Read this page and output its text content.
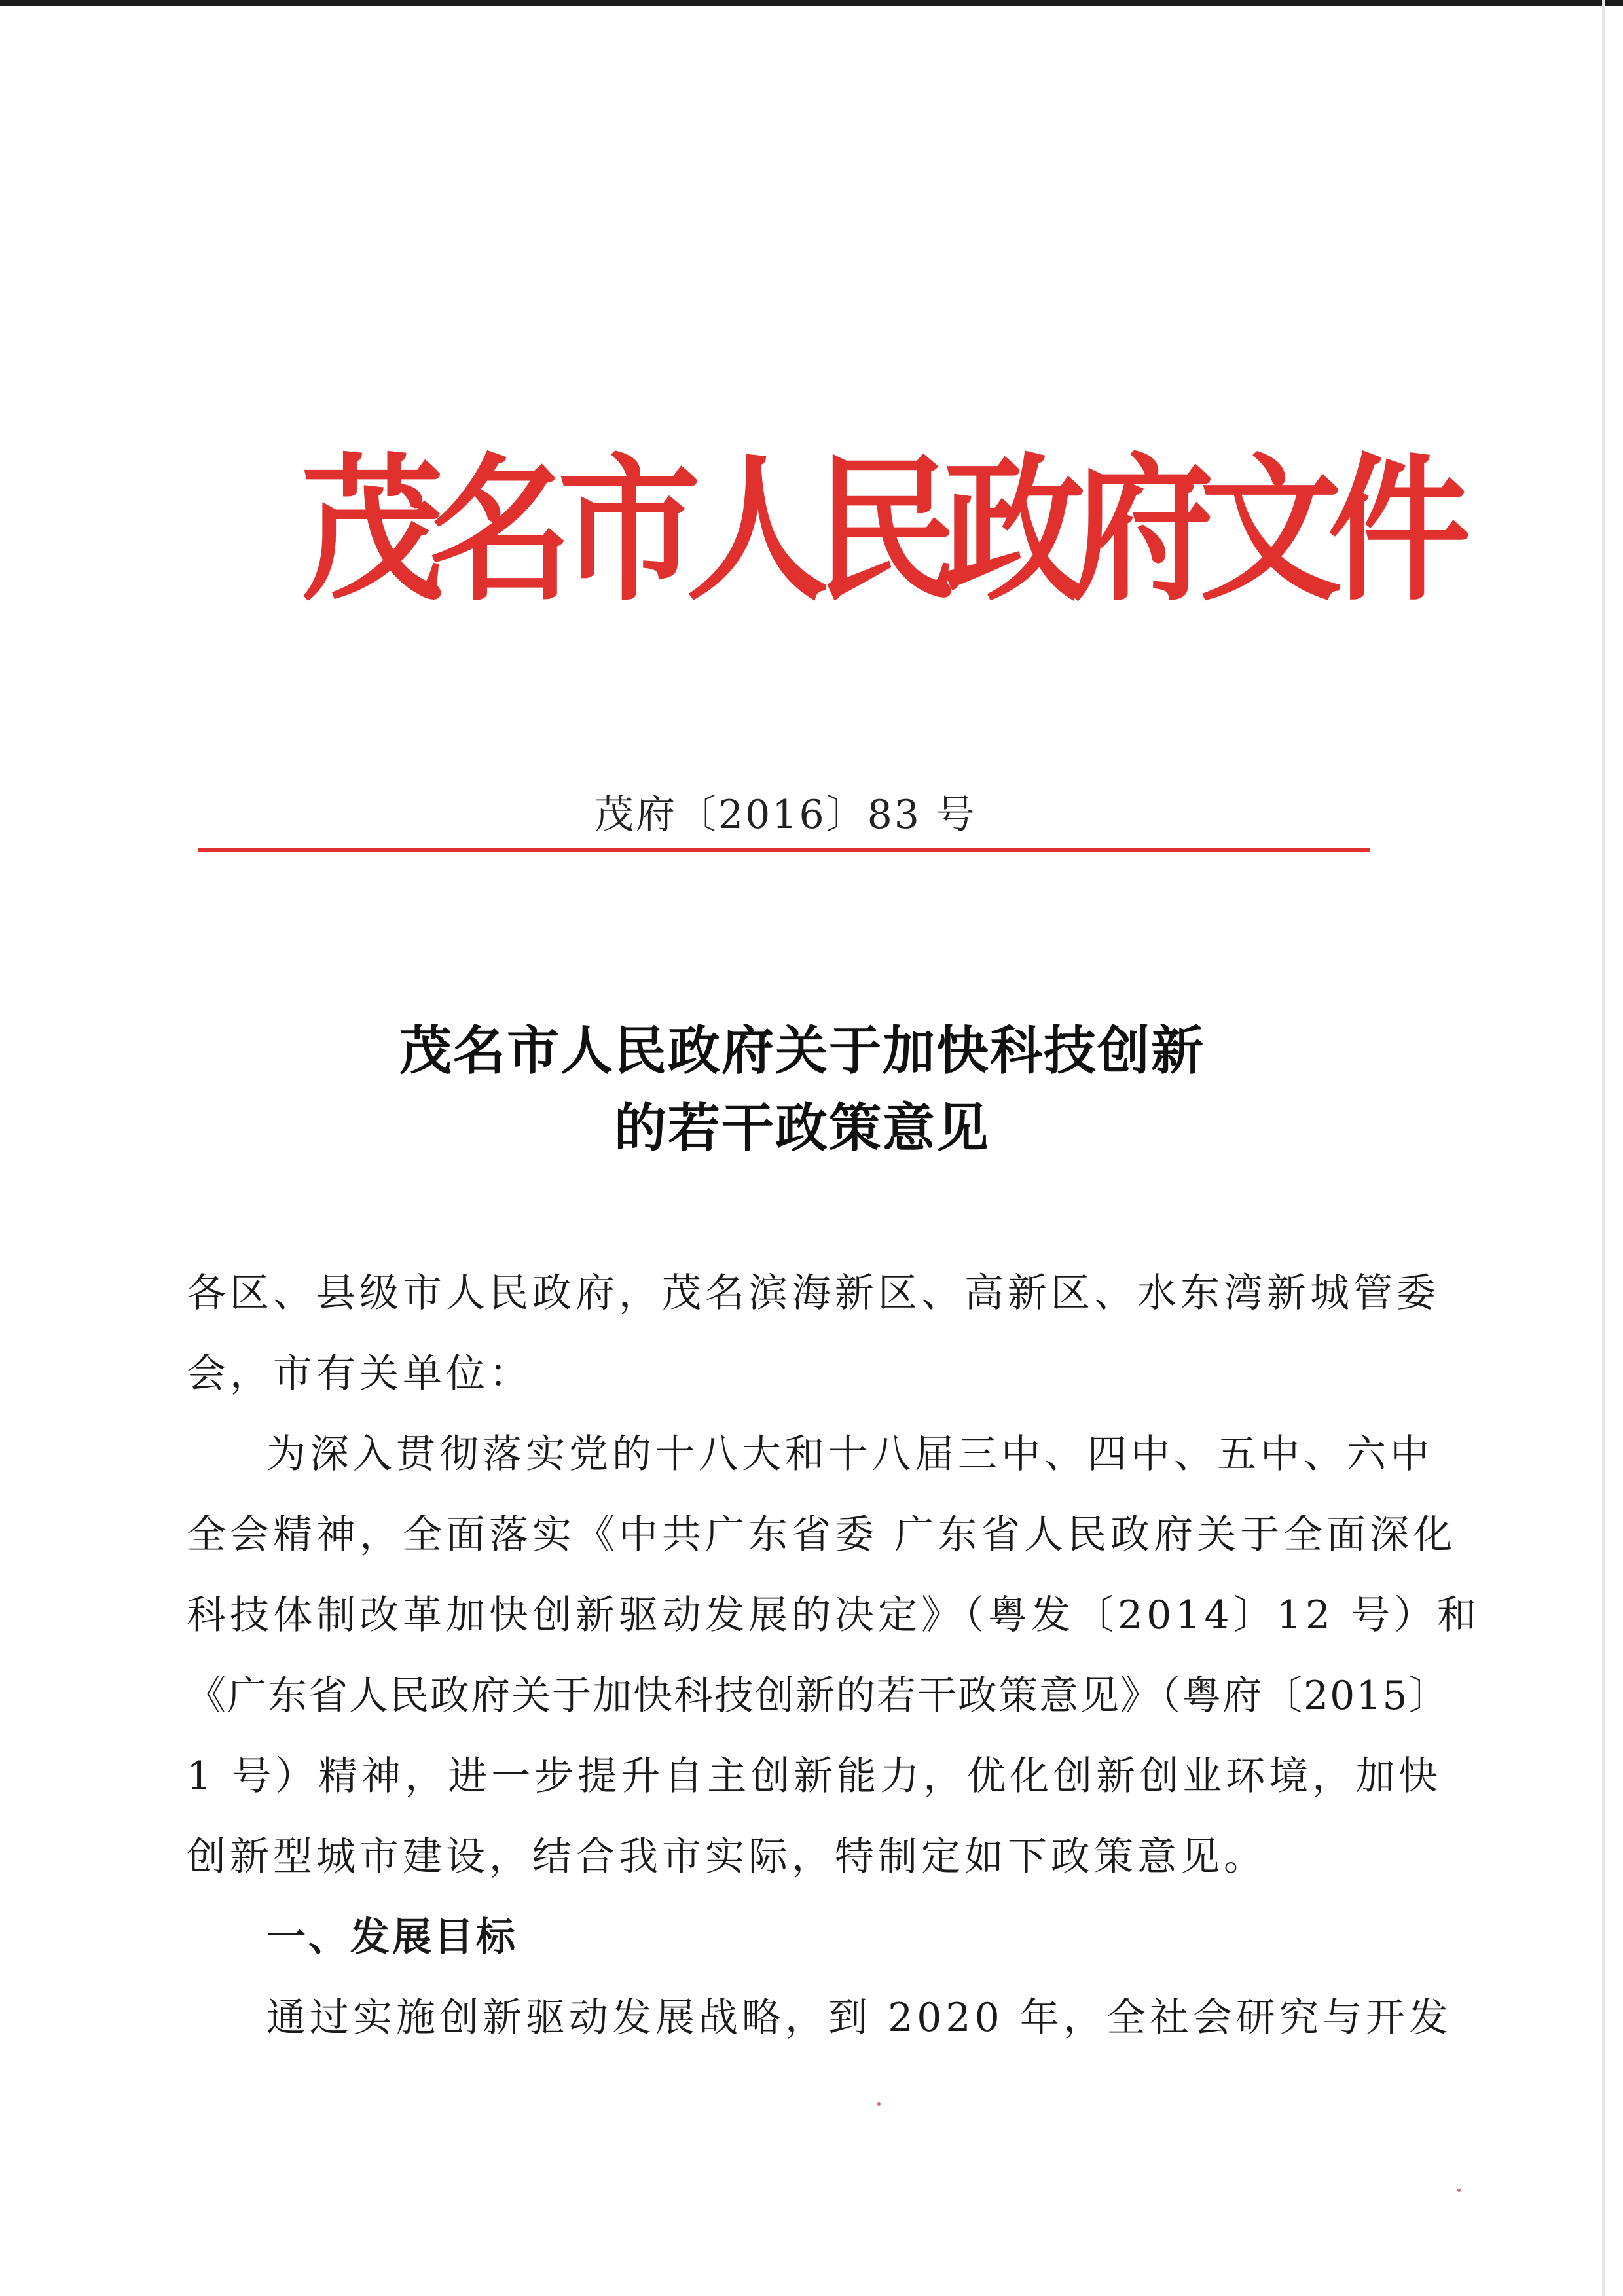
茂名市人民政府文件
茂府〔2016〕83 号
茂名市人民政府关于加快科技创新
的若干政策意见
各区、县级市人民政府，茂名滨海新区、高新区、水东湾新城管委
会，市有关单位：
为深入贯彻落实党的十八大和十八届三中、四中、五中、六中
全会精神，全面落实《中共广东省委 广东省人民政府关于全面深化
科技体制改革加快创新驱动发展的决定》（粤发〔2014〕12 号）和
《广东省人民政府关于加快科技创新的若干政策意见》（粤府〔2015〕
1 号）精神，进一步提升自主创新能力，优化创新创业环境，加快
创新型城市建设，结合我市实际，特制定如下政策意见。
一、发展目标
通过实施创新驱动发展战略，到 2020 年，全社会研究与开发
